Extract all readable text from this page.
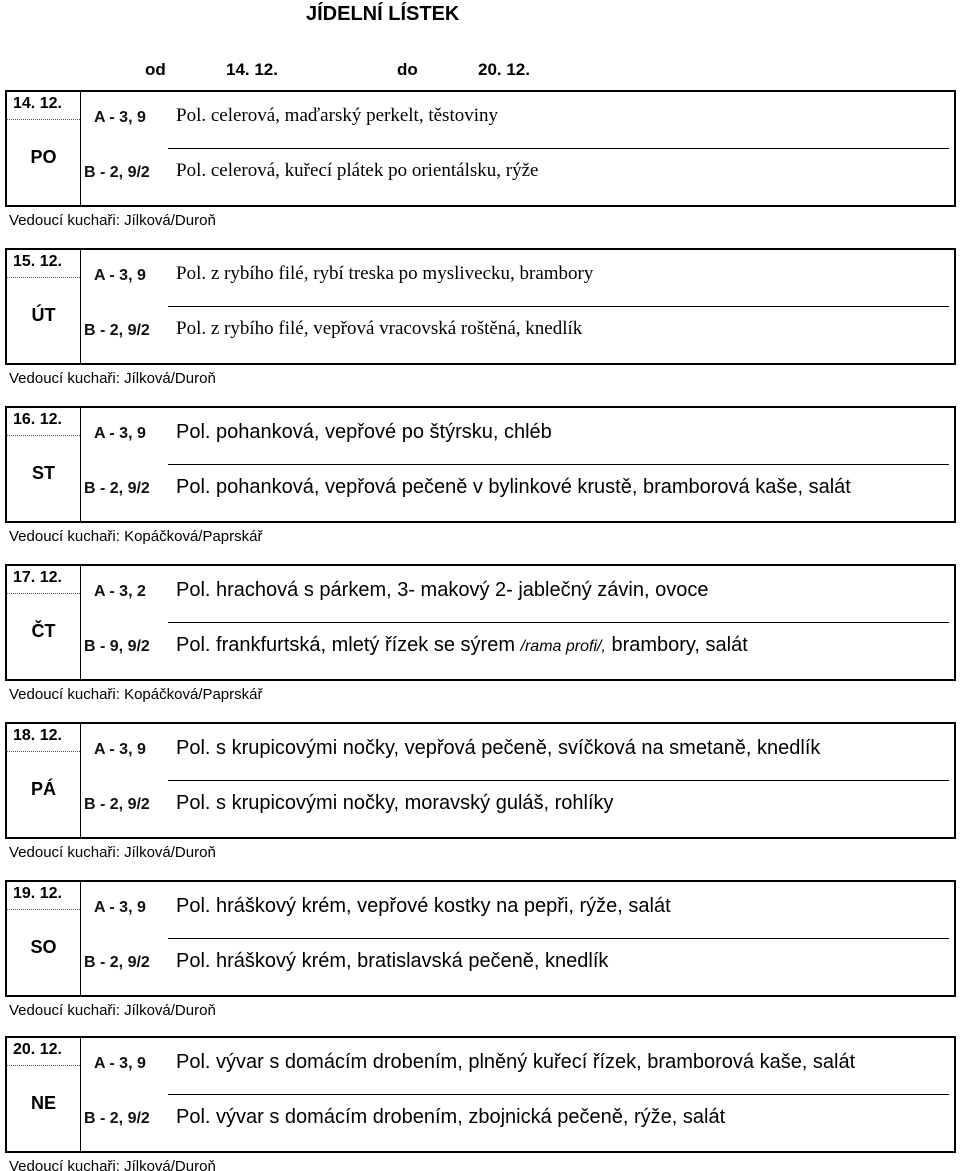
JÍDELNÍ LÍSTEK
od	14. 12.	do	20. 12.
14. 12.
PO
A - 3, 9 Pol. celerová, maďarský perkelt, těstoviny
B - 2, 9/2 Pol. celerová, kuřecí plátek po orientálsku, rýže
Vedoucí kuchaři: Jílková/Duroň
15. 12.
ÚT
A - 3, 9 Pol. z rybího filé, rybí treska po myslivecku, brambory
B - 2, 9/2 Pol. z rybího filé, vepřová vracovská roštěná, knedlík
Vedoucí kuchaři: Jílková/Duroň
16. 12.
ST
A - 3, 9 Pol. pohanková, vepřové po štýrsku, chléb
B - 2, 9/2 Pol. pohanková, vepřová pečeně v bylinkové krustě, bramborová kaše, salát
Vedoucí kuchaři: Kopáčková/Paprskář
17. 12.
ČT
A - 3, 2 Pol. hrachová s párkem, 3- makový 2- jablečný závin, ovoce
B - 9, 9/2 Pol. frankfurtská, mletý řízek se sýrem /rama profi/, brambory, salát
Vedoucí kuchaři: Kopáčková/Paprskář
18. 12.
PÁ
A - 3, 9 Pol. s krupicovými nočky, vepřová pečeně, svíčková na smetaně, knedlík
B - 2, 9/2 Pol. s krupicovými nočky, moravský guláš, rohlíky
Vedoucí kuchaři: Jílková/Duroň
19. 12.
SO
A - 3, 9 Pol. hráškový krém, vepřové kostky na pepři, rýže, salát
B - 2, 9/2 Pol. hráškový krém, bratislavská pečeně, knedlík
Vedoucí kuchaři: Jílková/Duroň
20. 12.
NE
A - 3, 9 Pol. vývar s domácím drobením, plněný kuřecí řízek, bramborová kaše, salát
B - 2, 9/2 Pol. vývar s domácím drobením, zbojnická pečeně, rýže, salát
Vedoucí kuchaři: Jílková/Duroň
